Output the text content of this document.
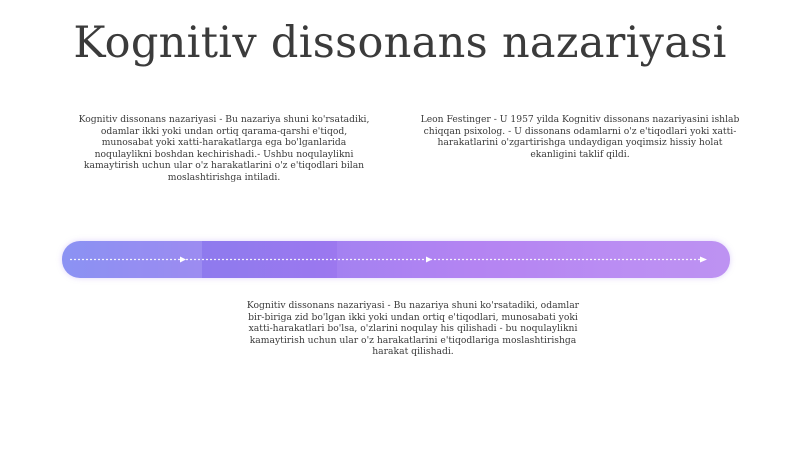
Kognitiv dissonans nazariyasi
Kognitiv dissonans nazariyasi - Bu nazariya shuni ko'rsatadiki, odamlar ikki yoki undan ortiq qarama-qarshi e'tiqod, munosabat yoki xatti-harakatlarga ega bo'lganlarida noqulaylikni boshdan kechirishadi.- Ushbu noqulaylikni kamaytirish uchun ular o'z harakatlarini o'z e'tiqodlari bilan moslashtirishga intiladi.
Leon Festinger - U 1957 yilda Kognitiv dissonans nazariyasini ishlab chiqqan psixolog. - U dissonans odamlarni o'z e'tiqodlari yoki xatti-harakatlarini o'zgartirishga undaydigan yoqimsiz hissiy holat ekanligini taklif qildi.
Kognitiv dissonans nazariyasi - Bu nazariya shuni ko'rsatadiki, odamlar bir-biriga zid bo'lgan ikki yoki undan ortiq e'tiqodlari, munosabati yoki xatti-harakatlari bo'lsa, o'zlarini noqulay his qilishadi - bu noqulaylikni kamaytirish uchun ular o'z harakatlarini e'tiqodlariga moslashtirishga harakat qilishadi.
